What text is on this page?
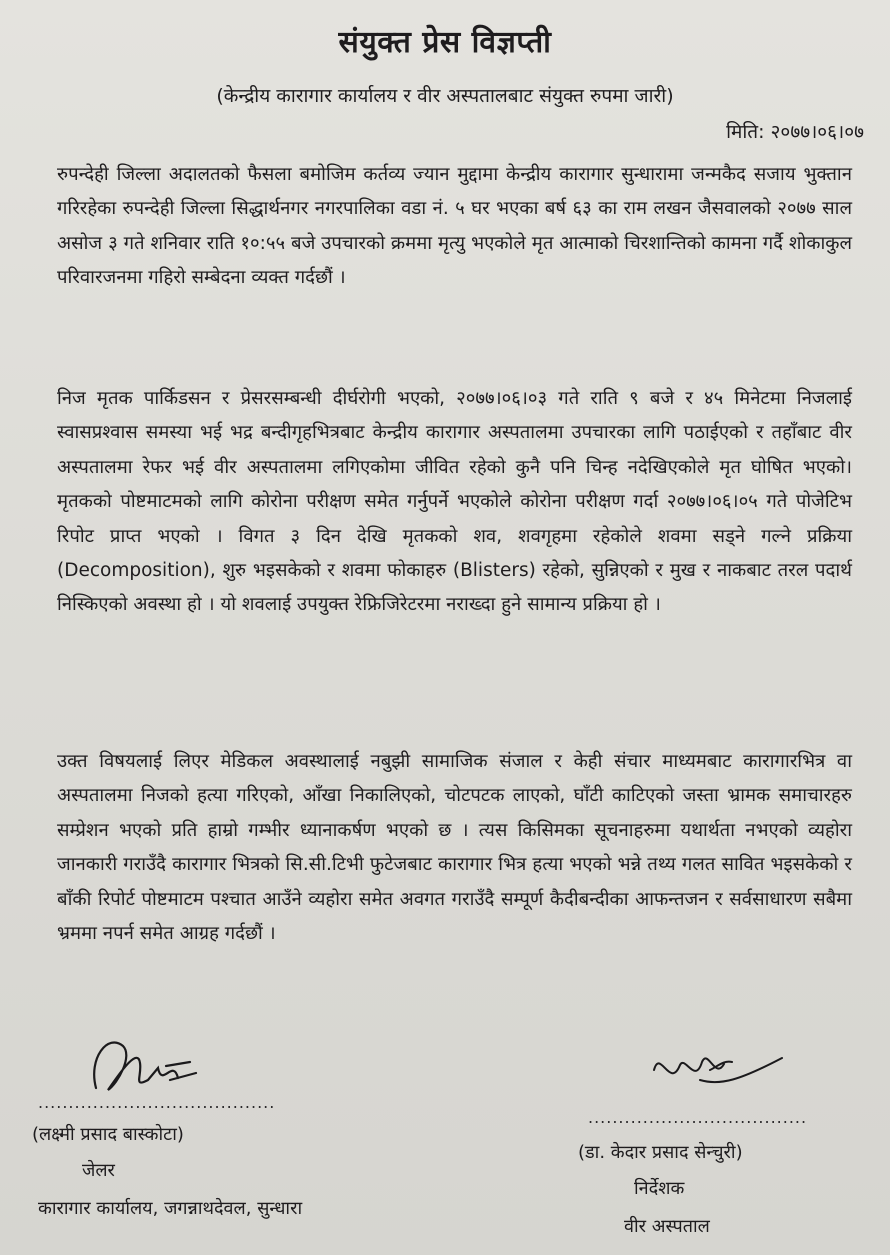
संयुक्त प्रेस विज्ञप्ती
(केन्द्रीय कारागार कार्यालय र वीर अस्पतालबाट संयुक्त रुपमा जारी)
मिति: २०७७।०६।०७

रुपन्देही जिल्ला अदालतको फैसला बमोजिम कर्तव्य ज्यान मुद्दामा केन्द्रीय कारागार सुन्धारामा जन्मकैद सजाय भुक्तान गरिरहेका रुपन्देही जिल्ला सिद्धार्थनगर नगरपालिका वडा नं. ५ घर भएका बर्ष ६३ का राम लखन जैसवालको २०७७ साल असोज ३ गते शनिवार राति १०:५५ बजे उपचारको क्रममा मृत्यु भएकोले मृत आत्माको चिरशान्तिको कामना गर्दै शोकाकुल परिवारजनमा गहिरो सम्बेदना व्यक्त गर्दछौं ।

निज मृतक पार्किडसन र प्रेसरसम्बन्धी दीर्घरोगी भएको, २०७७।०६।०३ गते राति ९ बजे र ४५ मिनेटमा निजलाई स्वासप्रश्वास समस्या भई भद्र बन्दीगृहभित्रबाट केन्द्रीय कारागार अस्पतालमा उपचारका लागि पठाईएको र तहाँबाट वीर अस्पतालमा रेफर भई वीर अस्पतालमा लगिएकोमा जीवित रहेको कुनै पनि चिन्ह नदेखिएकोले मृत घोषित भएको। मृतकको पोष्टमाटमको लागि कोरोना परीक्षण समेत गर्नुपर्ने भएकोले कोरोना परीक्षण गर्दा २०७७।०६।०५ गते पोजेटिभ रिपोट प्राप्त भएको । विगत ३ दिन देखि मृतकको शव, शवगृहमा रहेकोले शवमा सड्ने गल्ने प्रक्रिया (Decomposition), शुरु भइसकेको र शवमा फोकाहरु (Blisters) रहेको, सुन्निएको र मुख र नाकबाट तरल पदार्थ निस्किएको अवस्था हो । यो शवलाई उपयुक्त रेफ्रिजिरेटरमा नराख्दा हुने सामान्य प्रक्रिया हो ।

उक्त विषयलाई लिएर मेडिकल अवस्थालाई नबुझी सामाजिक संजाल र केही संचार माध्यमबाट कारागारभित्र वा अस्पतालमा निजको हत्या गरिएको, आँखा निकालिएको, चोटपटक लाएको, घाँटी काटिएको जस्ता भ्रामक समाचारहरु सम्प्रेशन भएको प्रति हाम्रो गम्भीर ध्यानाकर्षण भएको छ । त्यस किसिमका सूचनाहरुमा यथार्थता नभएको व्यहोरा जानकारी गराउँदै कारागार भित्रको सि.सी.टिभी फुटेजबाट कारागार भित्र हत्या भएको भन्ने तथ्य गलत सावित भइसकेको र बाँकी रिपोर्ट पोष्टमाटम पश्चात आउँने व्यहोरा समेत अवगत गराउँदै सम्पूर्ण कैदीबन्दीका आफन्तजन र सर्वसाधारण सबैमा भ्रममा नपर्न समेत आग्रह गर्दछौं ।

.......................................
(लक्ष्मी प्रसाद बास्कोटा)
जेलर
कारागार कार्यालय, जगन्नाथदेवल, सुन्धारा
....................................
(डा. केदार प्रसाद सेन्चुरी)
निर्देशक
वीर अस्पताल
